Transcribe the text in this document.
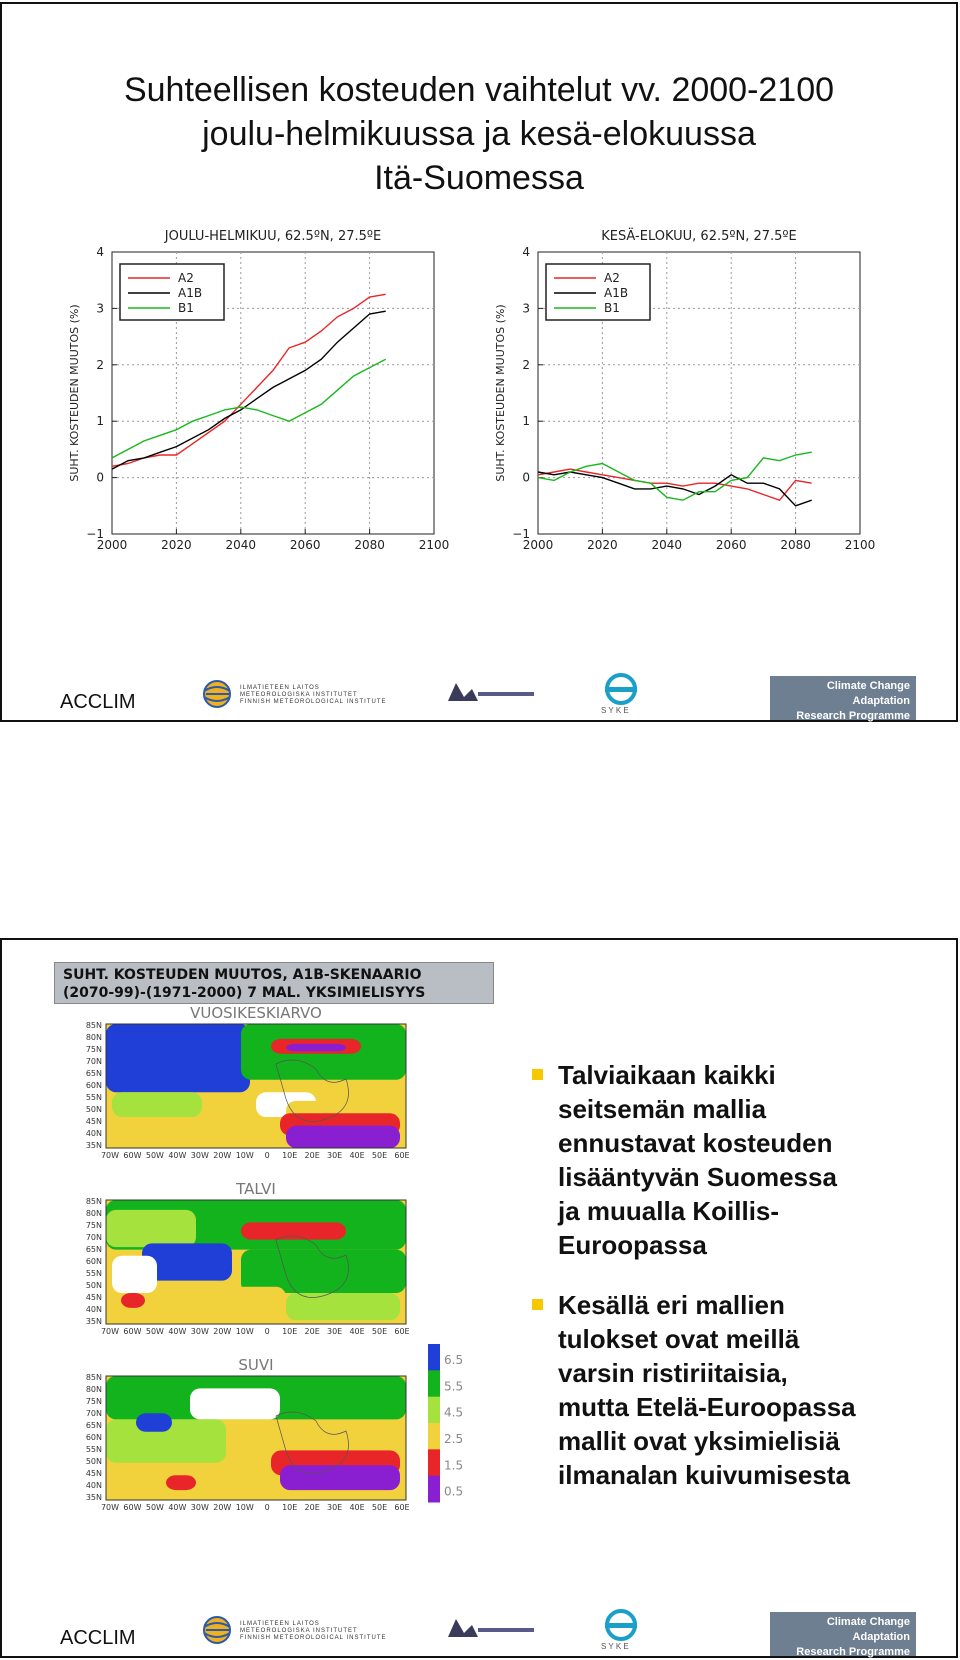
Suhteellisen kosteuden vaihtelut vv. 2000-2100
joulu-helmikuussa ja kesä-elokuussa
Itä-Suomessa
JOULU-HELMIKUU, 62.5ºN, 27.5ºE
2000	2020	2040	2060	2080	2100
−1
0
1
2
3
4
SUHT. KOSTEUDEN MUUTOS (%)
A2
A1B
B1
KESÄ-ELOKUU, 62.5ºN, 27.5ºE
2000	2020	2040	2060	2080	2100
−1
0
1
2
3
4
SUHT. KOSTEUDEN MUUTOS (%)
A2
A1B
B1
ACCLIM
ILMATIETEEN LAITOS
METEOROLOGISKA INSTITUTET
FINNISH METEOROLOGICAL INSTITUTE
S Y K E
Climate Change Adaptation
Research Programme
SUHT. KOSTEUDEN MUUTOS, A1B-SKENAARIO
(2070-99)-(1971-2000) 7 MAL. YKSIMIELISYYS
VUOSIKESKIARVO
85N
80N
75N
70N
65N
60N
55N
50N
45N
40N
35N
70W 60W 50W 40W 30W 20W 10W 0 10E 20E 30E 40E 50E 60E
TALVI
85N
80N
75N
70N
65N
60N
55N
50N
45N
40N
35N
70W 60W 50W 40W 30W 20W 10W 0 10E 20E 30E 40E 50E 60E
SUVI
85N
80N
75N
70N
65N
60N
55N
50N
45N
40N
35N
70W 60W 50W 40W 30W 20W 10W 0 10E 20E 30E 40E 50E 60E
6.5
5.5
4.5
2.5
1.5
0.5
Talviaikaan kaikki
seitsemän mallia
ennustavat kosteuden
lisääntyvän Suomessa
ja muualla Koillis-
Euroopassa
Kesällä eri mallien
tulokset ovat meillä
varsin ristiriitaisia,
mutta Etelä-Euroopassa
mallit ovat yksimielisiä
ilmanalan kuivumisesta
ACCLIM
ILMATIETEEN LAITOS
METEOROLOGISKA INSTITUTET
FINNISH METEOROLOGICAL INSTITUTE
S Y K E
Climate Change Adaptation
Research Programme
